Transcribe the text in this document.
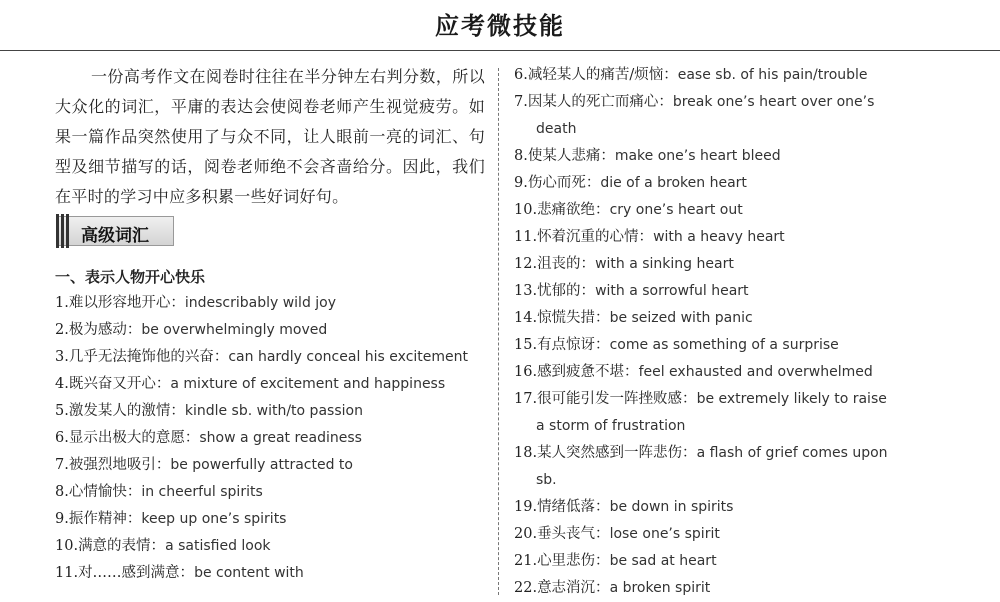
应考微技能

一份高考作文在阅卷时往往在半分钟左右判分数，所以大众化的词汇，平庸的表达会使阅卷老师产生视觉疲劳。如果一篇作品突然使用了与众不同，让人眼前一亮的词汇、句型及细节描写的话，阅卷老师绝不会吝啬给分。因此，我们在平时的学习中应多积累一些好词好句。

高级词汇
一、表示人物开心快乐
1.难以形容地开心：indescribably wild joy
2.极为感动：be overwhelmingly moved
3.几乎无法掩饰他的兴奋：can hardly conceal his excitement
4.既兴奋又开心：a mixture of excitement and happiness
5.激发某人的激情：kindle sb. with/to passion
6.显示出极大的意愿：show a great readiness
7.被强烈地吸引：be powerfully attracted to
8.心情愉快：in cheerful spirits
9.振作精神：keep up one’s spirits
10.满意的表情：a satisfied look
11.对……感到满意：be content with
6.减轻某人的痛苦/烦恼：ease sb. of his pain/trouble
7.因某人的死亡而痛心：break one’s heart over one’s
death
8.使某人悲痛：make one’s heart bleed
9.伤心而死：die of a broken heart
10.悲痛欲绝：cry one’s heart out
11.怀着沉重的心情：with a heavy heart
12.沮丧的：with a sinking heart
13.忧郁的：with a sorrowful heart
14.惊慌失措：be seized with panic
15.有点惊讶：come as something of a surprise
16.感到疲惫不堪：feel exhausted and overwhelmed
17.很可能引发一阵挫败感：be extremely likely to raise
a storm of frustration
18.某人突然感到一阵悲伤：a flash of grief comes upon
sb.
19.情绪低落：be down in spirits
20.垂头丧气：lose one’s spirit
21.心里悲伤：be sad at heart
22.意志消沉：a broken spirit
